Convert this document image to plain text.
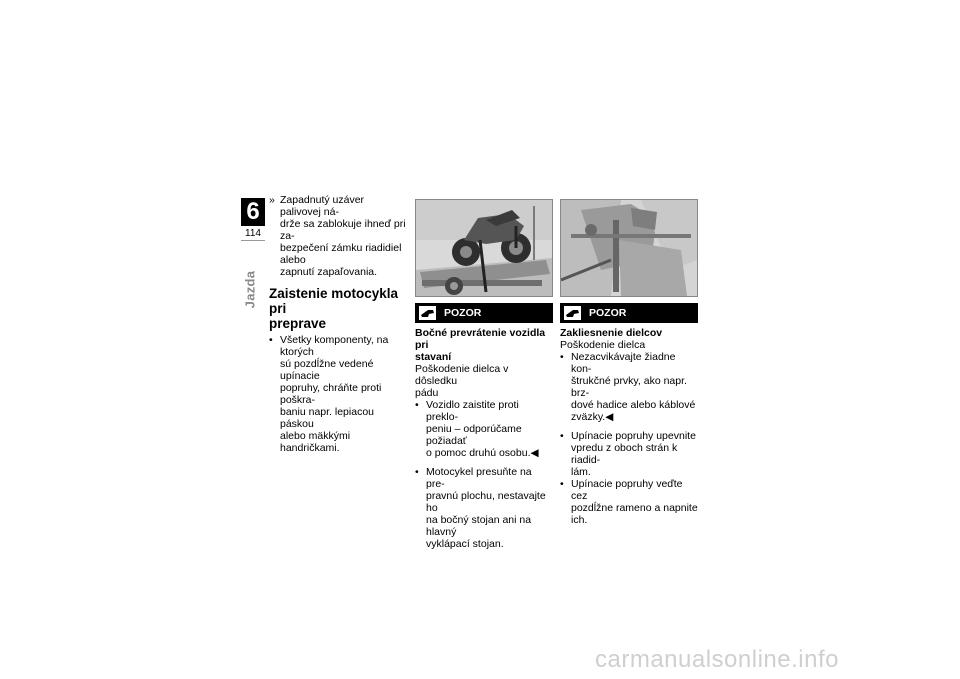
6
114
Jazda
» Zapadnutý uzáver palivovej ná-
drže sa zablokuje ihneď pri za-
bezpečení zámku riadidiel alebo
zapnutí zapaľovania.
Zaistenie motocykla pri
preprave
• Všetky komponenty, na ktorých
sú pozdĺžne vedené upínacie
popruhy, chráňte proti poškra-
baniu napr. lepiacou páskou
alebo mäkkými handričkami.
POZOR
Bočné prevrátenie vozidla pri
stavaní
Poškodenie dielca v dôsledku
pádu
• Vozidlo zaistite proti preklo-
peniu – odporúčame požiadať
o pomoc druhú osobu.◀
• Motocykel presuňte na pre-
pravnú plochu, nestavajte ho
na bočný stojan ani na hlavný
vyklápací stojan.
POZOR
Zakliesnenie dielcov
Poškodenie dielca
• Nezacvikávajte žiadne kon-
štrukčné prvky, ako napr. brz-
dové hadice alebo káblové
zväzky.◀
• Upínacie popruhy upevnite
vpredu z oboch strán k riadid-
lám.
• Upínacie popruhy veďte cez
pozdĺžne rameno a napnite ich.
carmanualsonline.info
